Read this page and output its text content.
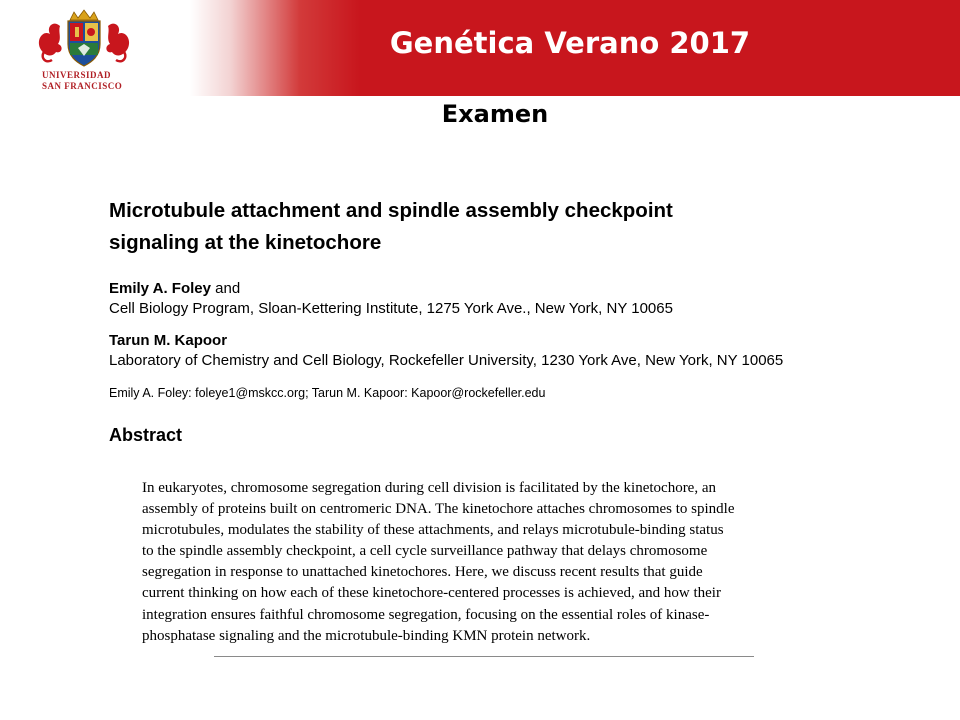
UNIVERSIDAD
SAN FRANCISCO
Genética Verano 2017
Examen
Microtubule attachment and spindle assembly checkpoint
signaling at the kinetochore
Emily A. Foley and
Cell Biology Program, Sloan-Kettering Institute, 1275 York Ave., New York, NY 10065
Tarun M. Kapoor
Laboratory of Chemistry and Cell Biology, Rockefeller University, 1230 York Ave, New York, NY 10065
Emily A. Foley: foleye1@mskcc.org; Tarun M. Kapoor: Kapoor@rockefeller.edu
Abstract
In eukaryotes, chromosome segregation during cell division is facilitated by the kinetochore, an
assembly of proteins built on centromeric DNA. The kinetochore attaches chromosomes to spindle
microtubules, modulates the stability of these attachments, and relays microtubule-binding status
to the spindle assembly checkpoint, a cell cycle surveillance pathway that delays chromosome
segregation in response to unattached kinetochores. Here, we discuss recent results that guide
current thinking on how each of these kinetochore-centered processes is achieved, and how their
integration ensures faithful chromosome segregation, focusing on the essential roles of kinase-
phosphatase signaling and the microtubule-binding KMN protein network.
